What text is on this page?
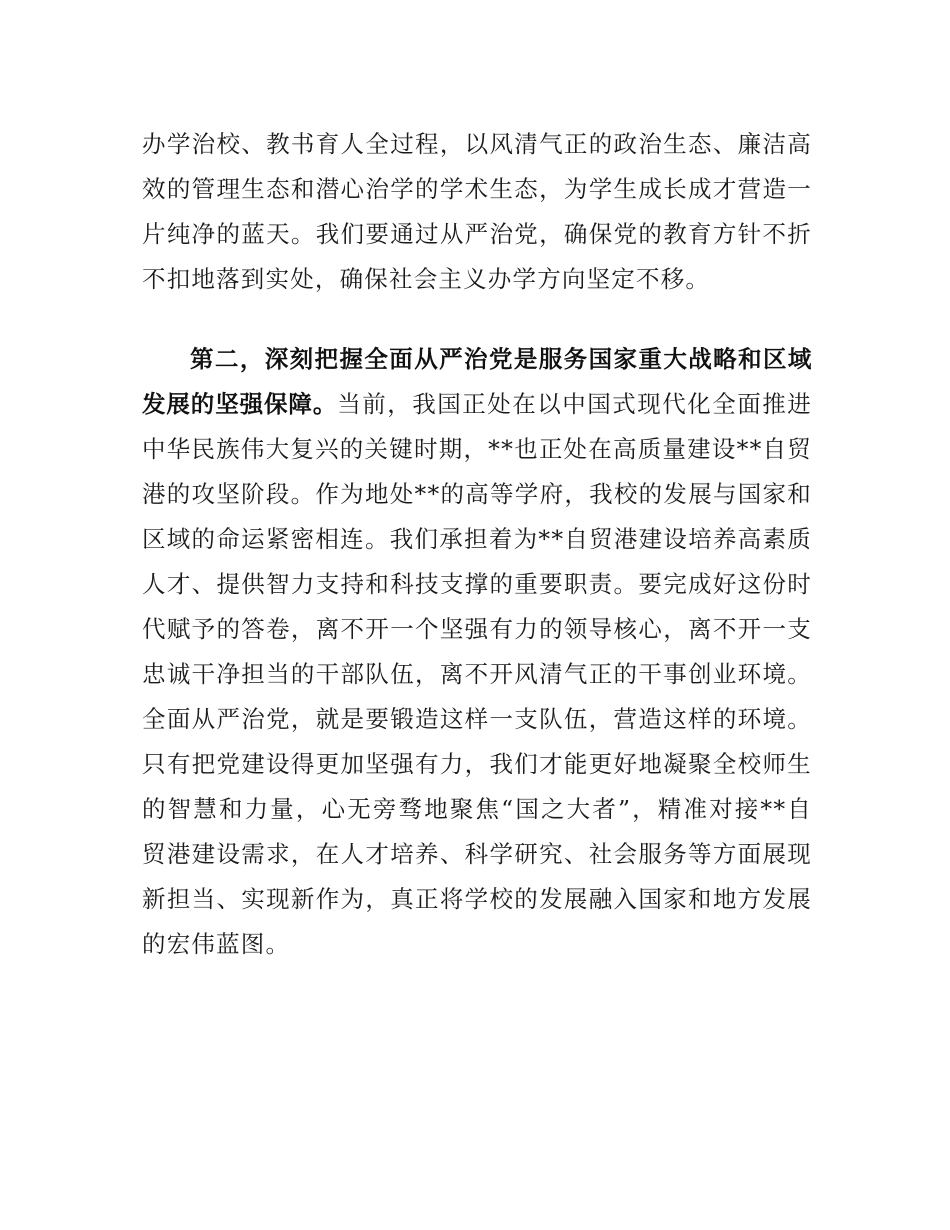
办学治校、教书育人全过程，以风清气正的政治生态、廉洁高
效的管理生态和潜心治学的学术生态，为学生成长成才营造一
片纯净的蓝天。我们要通过从严治党，确保党的教育方针不折
不扣地落到实处，确保社会主义办学方向坚定不移。
第二，深刻把握全面从严治党是服务国家重大战略和区域
发展的坚强保障。当前，我国正处在以中国式现代化全面推进
中华民族伟大复兴的关键时期，**也正处在高质量建设**自贸
港的攻坚阶段。作为地处**的高等学府，我校的发展与国家和
区域的命运紧密相连。我们承担着为**自贸港建设培养高素质
人才、提供智力支持和科技支撑的重要职责。要完成好这份时
代赋予的答卷，离不开一个坚强有力的领导核心，离不开一支
忠诚干净担当的干部队伍，离不开风清气正的干事创业环境。
全面从严治党，就是要锻造这样一支队伍，营造这样的环境。
只有把党建设得更加坚强有力，我们才能更好地凝聚全校师生
的智慧和力量，心无旁骛地聚焦“国之大者”，精准对接**自
贸港建设需求，在人才培养、科学研究、社会服务等方面展现
新担当、实现新作为，真正将学校的发展融入国家和地方发展
的宏伟蓝图。
